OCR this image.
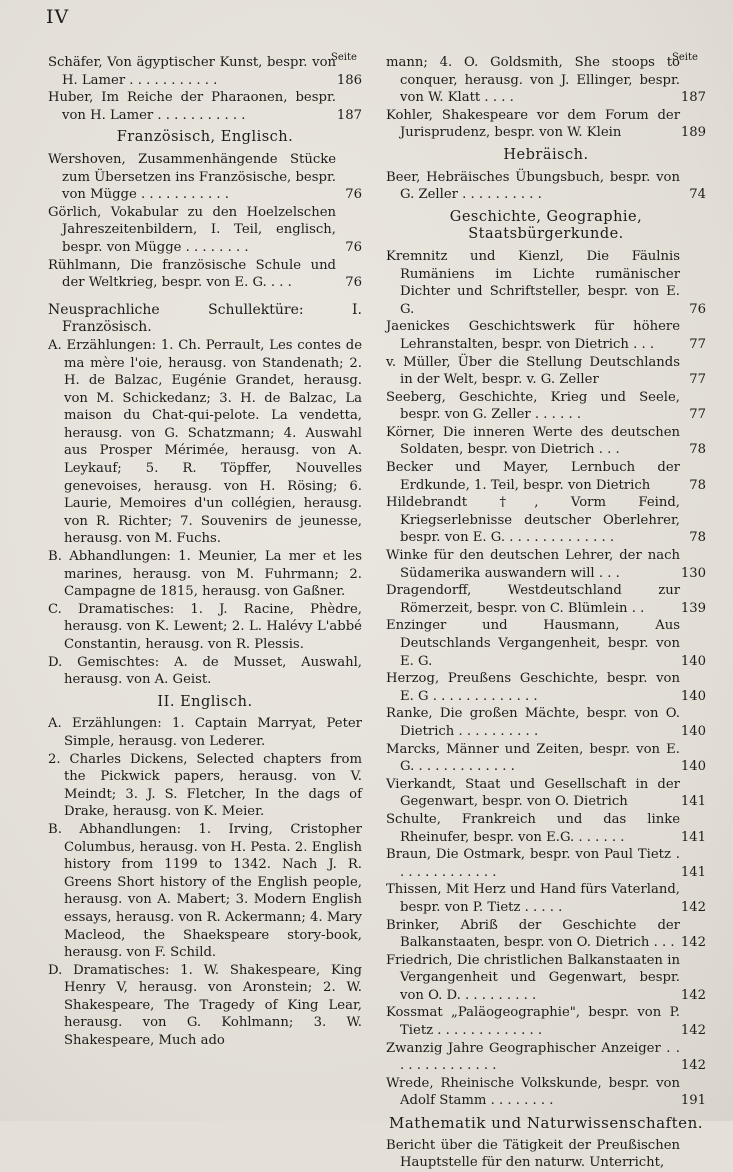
IV
Seite	Seite
Schäfer, Von ägyptischer Kunst, bespr. von H. Lamer . . . . . . . . . . .	186
Huber, Im Reiche der Pharaonen, bespr. von H. Lamer . . . . . . . . . . .	187
Französisch, Englisch.
Wershoven, Zusammenhängende Stücke zum Übersetzen ins Französische, bespr. von Mügge . . . . . . . . . . .	76
Görlich, Vokabular zu den Hoelzelschen Jahreszeitenbildern, I. Teil, englisch, bespr. von Mügge . . . . . . . .	76
Rühlmann, Die französische Schule und der Weltkrieg, bespr. von E. G. . . .	76
Neusprachliche Schullektüre: I. Französisch.
A. Erzählungen: 1. Ch. Perrault, Les contes de ma mère l'oie, herausg. von Standenath; 2. H. de Balzac, Eugénie Grandet, herausg. von M. Schickedanz; 3. H. de Balzac, La maison du Chat-qui-pelote. La vendetta, herausg. von G. Schatzmann; 4. Auswahl aus Prosper Mérimée, herausg. von A. Leykauf; 5. R. Töpffer, Nouvelles genevoises, herausg. von H. Rösing; 6. Laurie, Memoires d'un collégien, herausg. von R. Richter; 7. Souvenirs de jeunesse, herausg. von M. Fuchs.
B. Abhandlungen: 1. Meunier, La mer et les marines, herausg. von M. Fuhrmann; 2. Campagne de 1815, herausg. von Gaßner.
C. Dramatisches: 1. J. Racine, Phèdre, herausg. von K. Lewent; 2. L. Halévy L'abbé Constantin, herausg. von R. Plessis.
D. Gemischtes: A. de Musset, Auswahl, herausg. von A. Geist.
II. Englisch.
A. Erzählungen: 1. Captain Marryat, Peter Simple, herausg. von Lederer.
2. Charles Dickens, Selected chapters from the Pickwick papers, herausg. von V. Meindt; 3. J. S. Fletcher, In the dags of Drake, herausg. von K. Meier.
B. Abhandlungen: 1. Irving, Cristopher Columbus, herausg. von H. Pesta. 2. English history from 1199 to 1342. Nach J. R. Greens Short history of the English people, herausg. von A. Mabert; 3. Modern English essays, herausg. von R. Ackermann; 4. Mary Macleod, the Shaekspeare story-book, herausg. von F. Schild.
D. Dramatisches: 1. W. Shakespeare, King Henry V, herausg. von Aronstein; 2. W. Shakespeare, The Tragedy of King Lear, herausg. von G. Kohlmann; 3. W. Shakespeare, Much ado
mann; 4. O. Goldsmith, She stoops to conquer, herausg. von J. Ellinger, bespr. von W. Klatt . . . .	187
Kohler, Shakespeare vor dem Forum der Jurisprudenz, bespr. von W. Klein	189
Hebräisch.
Beer, Hebräisches Übungsbuch, bespr. von G. Zeller . . . . . . . . . .	74
Geschichte, Geographie, Staatsbürgerkunde.
Kremnitz und Kienzl, Die Fäulnis Rumäniens im Lichte rumänischer Dichter und Schriftsteller, bespr. von E. G.	76
Jaenickes Geschichtswerk für höhere Lehranstalten, bespr. von Dietrich . . .	77
v. Müller, Über die Stellung Deutschlands in der Welt, bespr. v. G. Zeller	77
Seeberg, Geschichte, Krieg und Seele, bespr. von G. Zeller . . . . . .	77
Körner, Die inneren Werte des deutschen Soldaten, bespr. von Dietrich . . .	78
Becker und Mayer, Lernbuch der Erdkunde, 1. Teil, bespr. von Dietrich	78
Hildebrandt †, Vorm Feind, Kriegserlebnisse deutscher Oberlehrer, bespr. von E. G. . . . . . . . . . . . . .	78
Winke für den deutschen Lehrer, der nach Südamerika auswandern will . . .	130
Dragendorff, Westdeutschland zur Römerzeit, bespr. von C. Blümlein . .	139
Enzinger und Hausmann, Aus Deutschlands Vergangenheit, bespr. von E. G.	140
Herzog, Preußens Geschichte, bespr. von E. G . . . . . . . . . . . . .	140
Ranke, Die großen Mächte, bespr. von O. Dietrich . . . . . . . . . .	140
Marcks, Männer und Zeiten, bespr. von E. G. . . . . . . . . . . . .	140
Vierkandt, Staat und Gesellschaft in der Gegenwart, bespr. von O. Dietrich	141
Schulte, Frankreich und das linke Rheinufer, bespr. von E.G. . . . . . .	141
Braun, Die Ostmark, bespr. von Paul Tietz . . . . . . . . . . . . .	141
Thissen, Mit Herz und Hand fürs Vaterland, bespr. von P. Tietz . . . . .	142
Brinker, Abriß der Geschichte der Balkanstaaten, bespr. von O. Dietrich . . . 142
Friedrich, Die christlichen Balkanstaaten in Vergangenheit und Gegenwart, bespr. von O. D. . . . . . . . . .	142
Kossmat „Paläogeographie", bespr. von P. Tietz . . . . . . . . . . . . .	142
Zwanzig Jahre Geographischer Anzeiger . . . . . . . . . . . . . .	142
Wrede, Rheinische Volkskunde, bespr. von Adolf Stamm . . . . . . . .	191
Mathematik und Naturwissenschaften.
Bericht über die Tätigkeit der Preußischen Hauptstelle für den naturw. Unterricht,
